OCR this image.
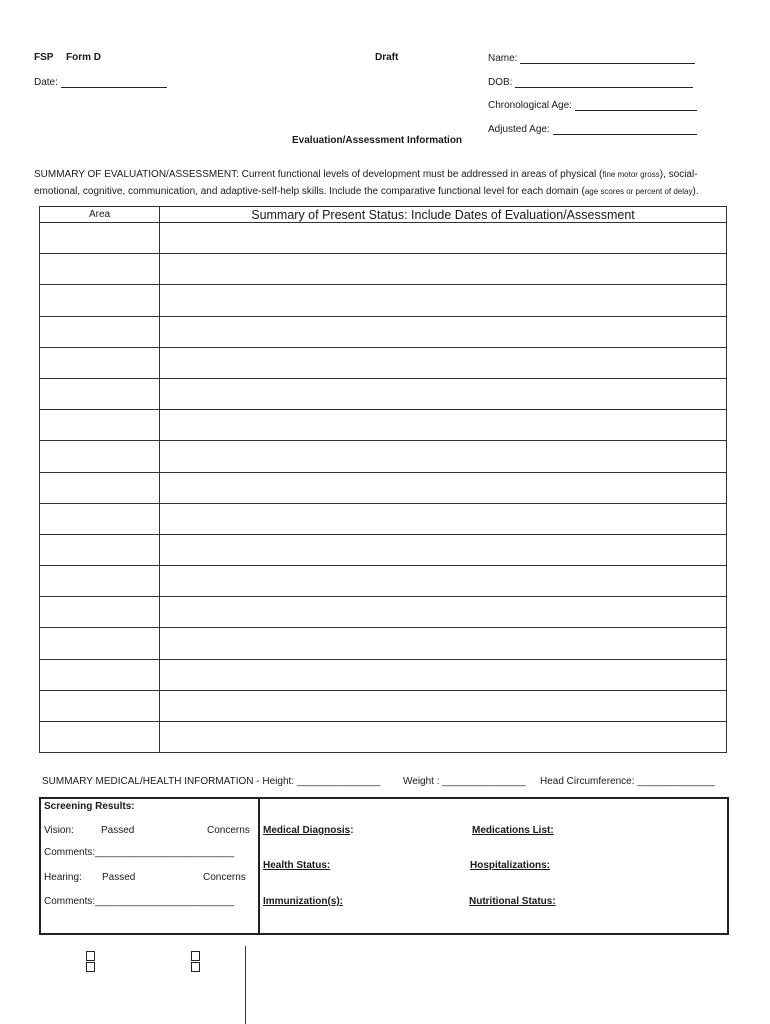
FSP Form D	Draft	Name:
Date:	DOB:
Chronological Age:
Adjusted Age:
Evaluation/Assessment Information
SUMMARY OF EVALUATION/ASSESSMENT: Current functional levels of development must be addressed in areas of physical (fine motor gross), social-emotional, cognitive, communication, and adaptive-self-help skills. Include the comparative functional level for each domain (age scores or percent of delay).
Area	Summary of Present Status: Include Dates of Evaluation/Assessment

SUMMARY MEDICAL/HEALTH INFORMATION - Height: _______________ Weight : _______________ Head Circumference: ______________
Screening Results:
Vision:	Passed	Concerns
Comments:_________________________
Hearing: Passed	Concerns
Comments:_________________________
Medical Diagnosis:	Medications List:
Health Status:	Hospitalizations:
Immunization(s):	Nutritional Status:
